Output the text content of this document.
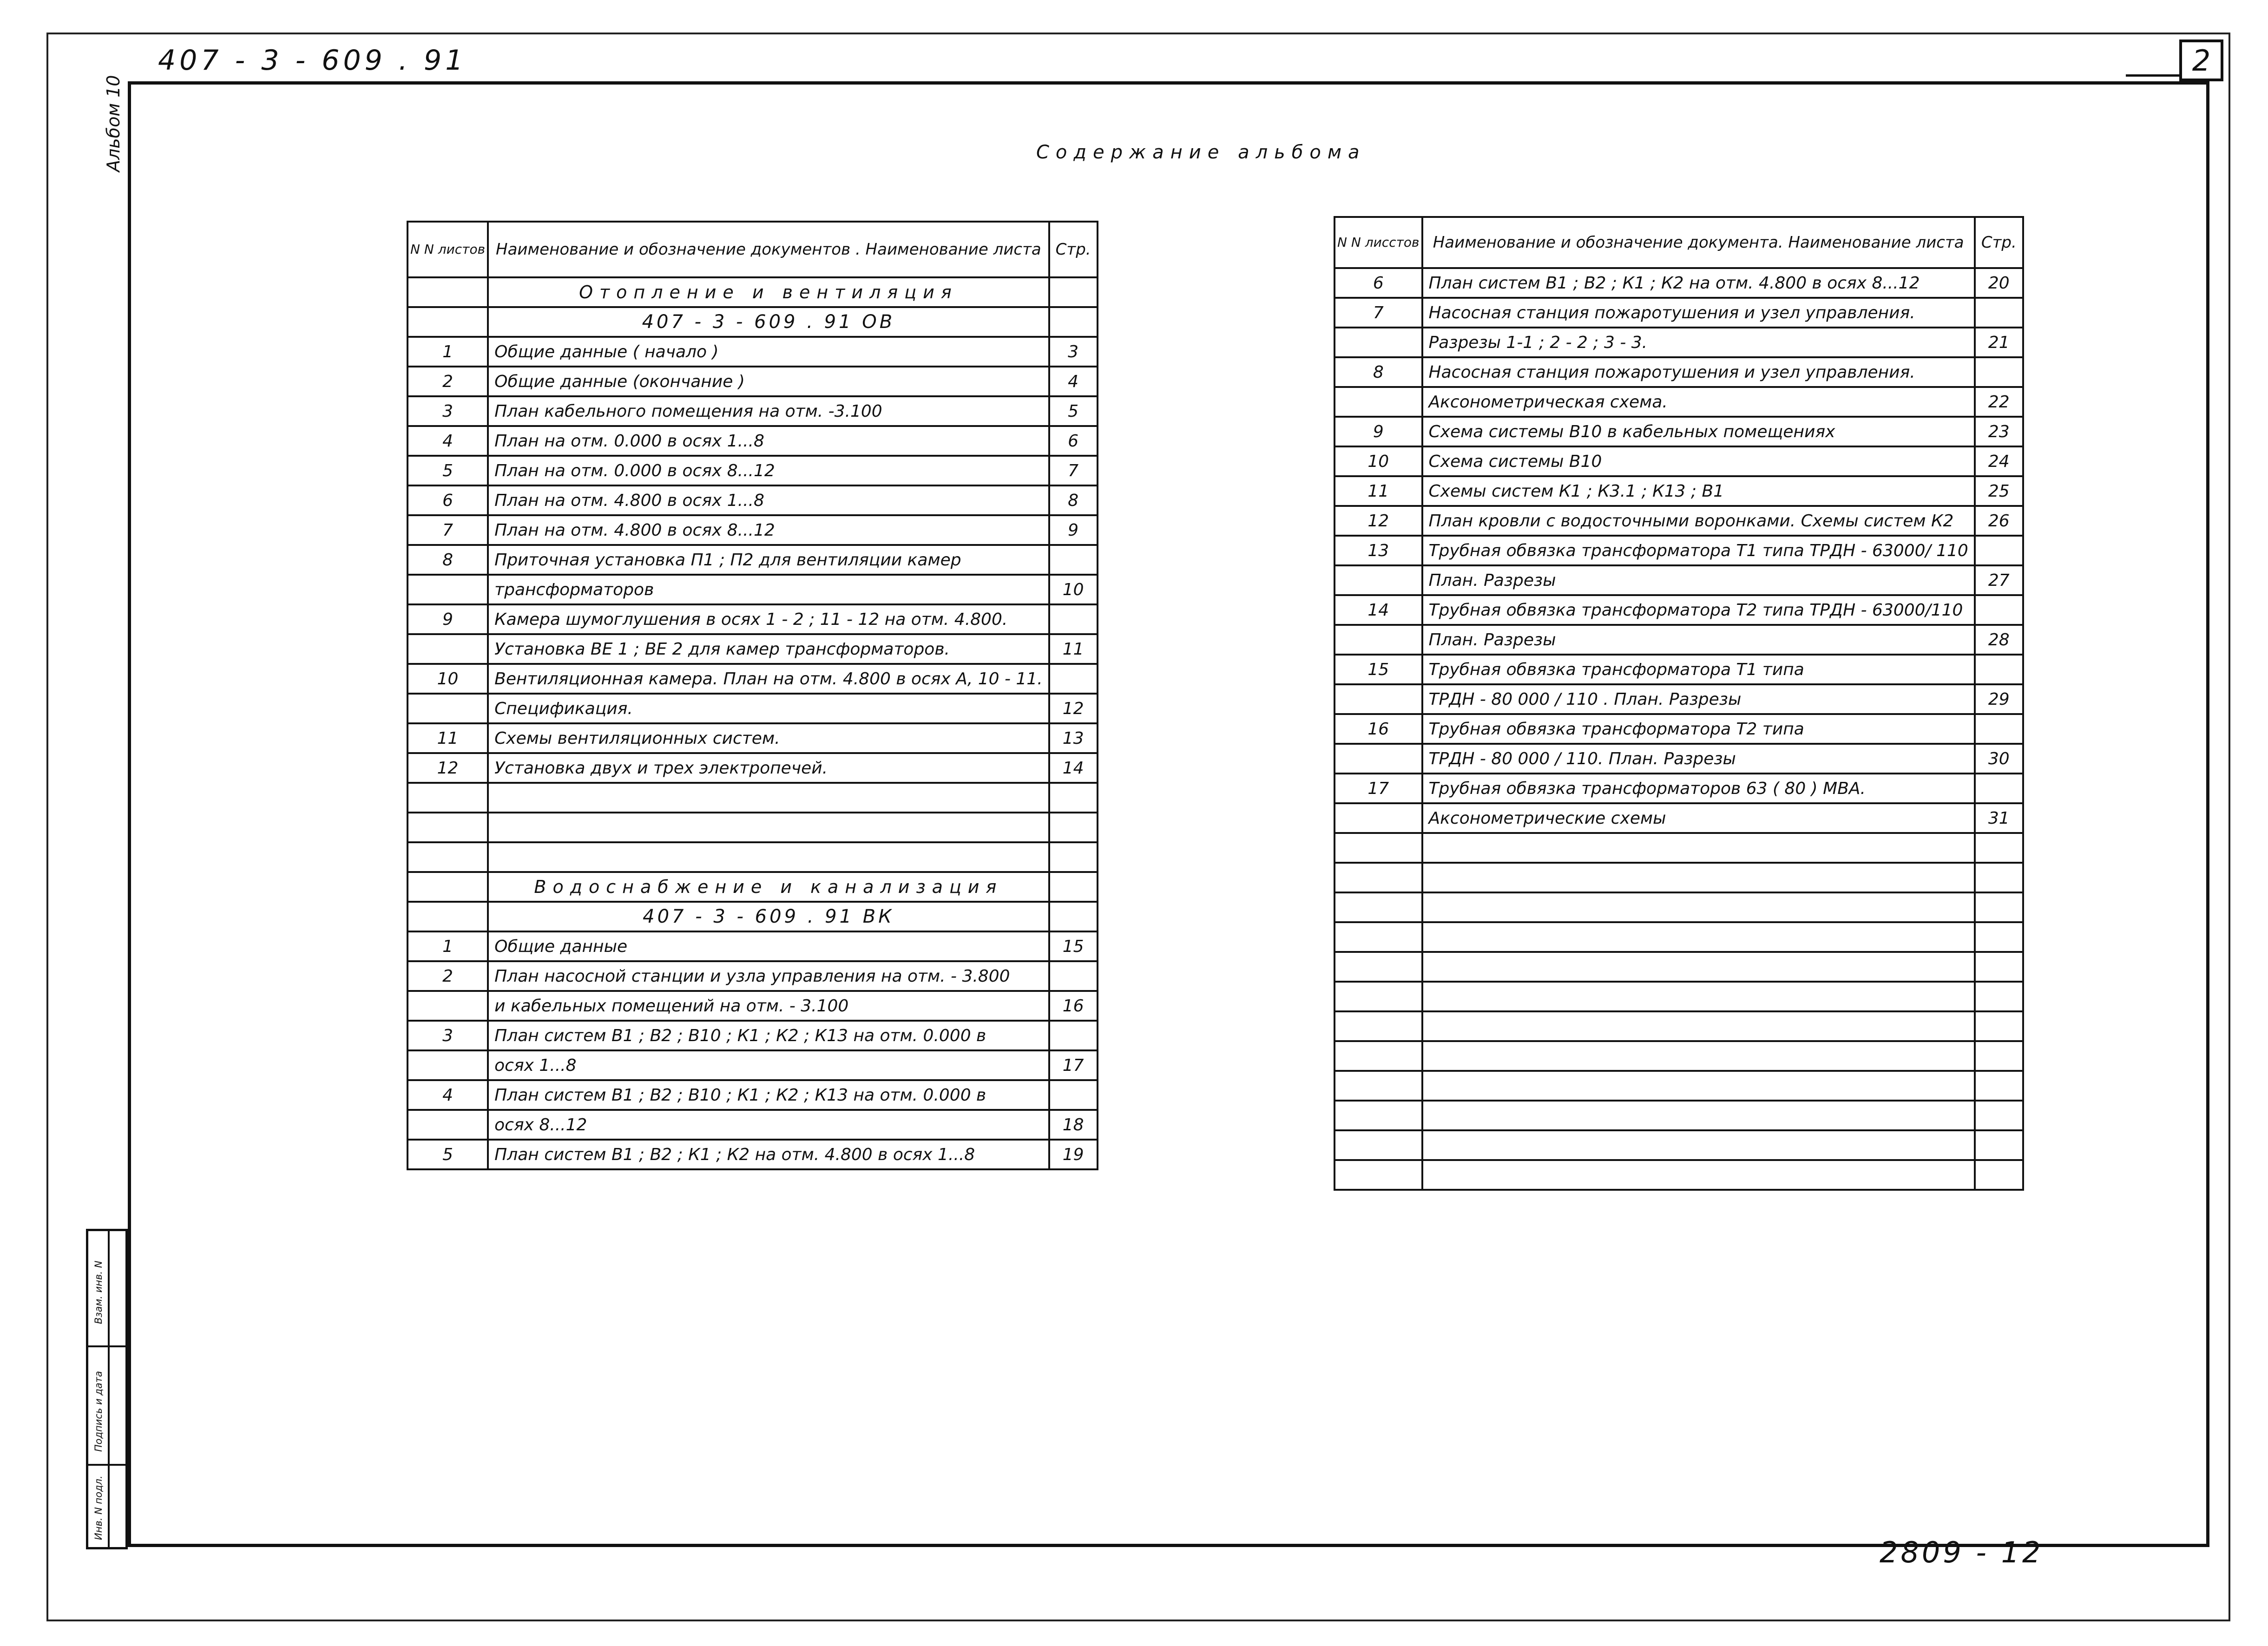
407 - 3 - 609 . 91	2
Альбом 10	Содержание альбома
N N листов	Наименование и обозначение документов . Наименование листа	Стр.
	Отопление и вентиляция	
	407 - 3 - 609 . 91 ОВ	
1	Общие данные ( начало )	3
2	Общие данные (окончание )	4
3	План кабельного помещения на отм. -3.100	5
4	План на отм. 0.000 в осях 1...8	6
5	План на отм. 0.000 в осях 8...12	7
6	План на отм. 4.800 в осях 1...8	8
7	План на отм. 4.800 в осях 8...12	9
8	Приточная установка П1 ; П2 для вентиляции камер	
	трансформаторов	10
9	Камера шумоглушения в осях 1 - 2 ; 11 - 12 на отм. 4.800.	
	Установка ВЕ 1 ; ВЕ 2 для камер трансформаторов.	11
10	Вентиляционная камера. План на отм. 4.800 в осях А, 10 - 11.	
	Спецификация.	12
11	Схемы вентиляционных систем.	13
12	Установка двух и трех электропечей.	14

	Водоснабжение и канализация	
	407 - 3 - 609 . 91 ВК	
1	Общие данные	15
2	План насосной станции и узла управления на отм. - 3.800	
	и кабельных помещений на отм. - 3.100	16
3	План систем В1 ; В2 ; В10 ; К1 ; К2 ; К13 на отм. 0.000 в	
	осях 1...8	17
4	План систем В1 ; В2 ; В10 ; К1 ; К2 ; К13 на отм. 0.000 в	
	осях 8...12	18
5	План систем В1 ; В2 ; К1 ; К2 на отм. 4.800 в осях 1...8	19
N N лисстов	Наименование и обозначение документа. Наименование листа	Стр.
6	План систем В1 ; В2 ; К1 ; К2 на отм. 4.800 в осях 8...12	20
7	Насосная станция пожаротушения и узел управления.	
	Разрезы 1-1 ; 2 - 2 ; 3 - 3.	21
8	Насосная станция пожаротушения и узел управления.	
	Аксонометрическая схема.	22
9	Схема системы В10 в кабельных помещениях	23
10	Схема системы В10	24
11	Схемы систем К1 ; К3.1 ; К13 ; В1	25
12	План кровли с водосточными воронками. Схемы систем К2	26
13	Трубная обвязка трансформатора Т1 типа ТРДН - 63000/ 110	
	План. Разрезы	27
14	Трубная обвязка трансформатора Т2 типа ТРДН - 63000/110	
	План. Разрезы	28
15	Трубная обвязка трансформатора Т1 типа	
	ТРДН - 80 000 / 110 . План. Разрезы	29
16	Трубная обвязка трансформатора Т2 типа	
	ТРДН - 80 000 / 110. План. Разрезы	30
17	Трубная обвязка трансформаторов 63 ( 80 ) МВА.	
	Аксонометрические схемы	31

Взам. инв. N
Подпись и дата
Инв. N подл.
2809 - 12
